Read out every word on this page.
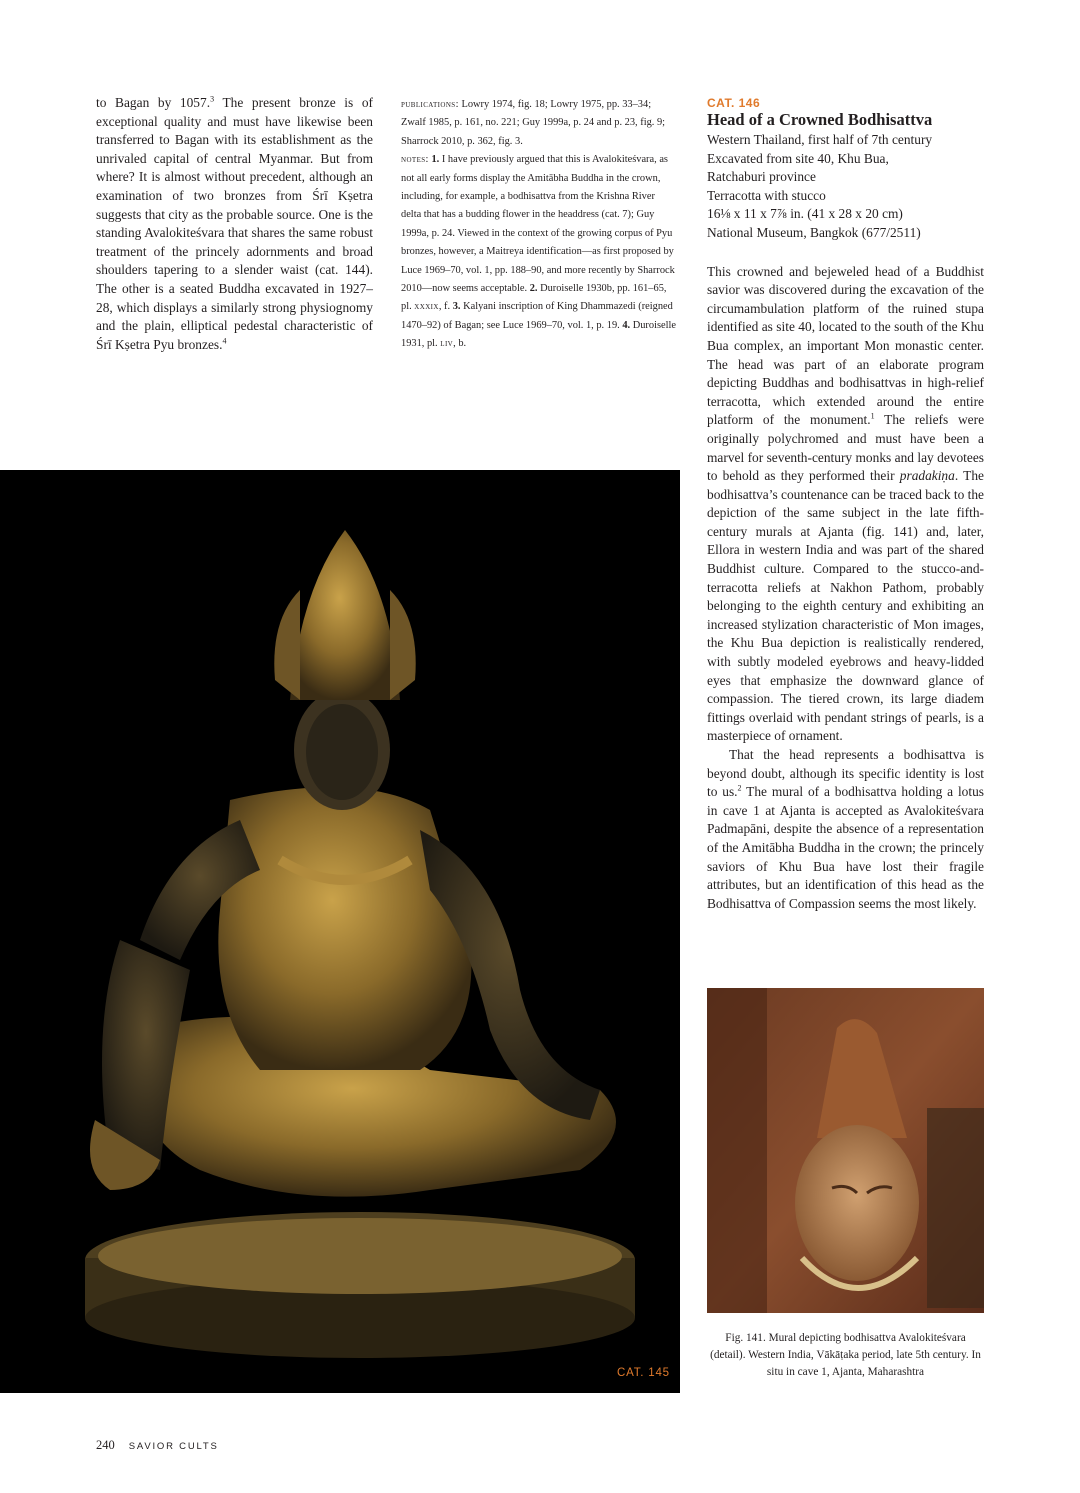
to Bagan by 1057.$^3$ The present bronze is of exceptional quality and must have likewise been transferred to Bagan with its establishment as the unrivaled capital of central Myanmar. But from where? It is almost without precedent, although an examination of two bronzes from Śrī Kṣetra suggests that city as the probable source. One is the standing Avalokiteśvara that shares the same robust treatment of the princely adornments and broad shoulders tapering to a slender waist (cat. 144). The other is a seated Buddha excavated in 1927–28, which displays a similarly strong physiognomy and the plain, elliptical pedestal characteristic of Śrī Kṣetra Pyu bronzes.$^4$
publications: Lowry 1974, fig. 18; Lowry 1975, pp. 33–34; Zwalf 1985, p. 161, no. 221; Guy 1999a, p. 24 and p. 23, fig. 9; Sharrock 2010, p. 362, fig. 3.
notes: 1. I have previously argued that this is Avalokiteśvara, as not all early forms display the Amitābha Buddha in the crown, including, for example, a bodhisattva from the Krishna River delta that has a budding flower in the headdress (cat. 7); Guy 1999a, p. 24. Viewed in the context of the growing corpus of Pyu bronzes, however, a Maitreya identification—as first proposed by Luce 1969–70, vol. 1, pp. 188–90, and more recently by Sharrock 2010—now seems acceptable. 2. Duroiselle 1930b, pp. 161–65, pl. xxxix, f. 3. Kalyani inscription of King Dhammazedi (reigned 1470–92) of Bagan; see Luce 1969–70, vol. 1, p. 19. 4. Duroiselle 1931, pl. liv, b.
CAT. 146
Head of a Crowned Bodhisattva
Western Thailand, first half of 7th century
Excavated from site 40, Khu Bua,
Ratchaburi province
Terracotta with stucco
16⅛ x 11 x 7⅞ in. (41 x 28 x 20 cm)
National Museum, Bangkok (677/2511)

This crowned and bejeweled head of a Buddhist savior was discovered during the excavation of the circumambulation platform of the ruined stupa identified as site 40, located to the south of the Khu Bua complex, an important Mon monastic center. The head was part of an elaborate program depicting Buddhas and bodhisattvas in high-relief terracotta, which extended around the entire platform of the monument.$^1$ The reliefs were originally polychromed and must have been a marvel for seventh-century monks and lay devotees to behold as they performed their pradakiṇa. The bodhisattva’s countenance can be traced back to the depiction of the same subject in the late fifth-century murals at Ajanta (fig. 141) and, later, Ellora in western India and was part of the shared Buddhist culture. Compared to the stucco-and-terracotta reliefs at Nakhon Pathom, probably belonging to the eighth century and exhibiting an increased stylization characteristic of Mon images, the Khu Bua depiction is realistically rendered, with subtly modeled eyebrows and heavy-lidded eyes that emphasize the downward glance of compassion. The tiered crown, its large diadem fittings overlaid with pendant strings of pearls, is a masterpiece of ornament.

That the head represents a bodhisattva is beyond doubt, although its specific identity is lost to us.$^2$ The mural of a bodhisattva holding a lotus in cave 1 at Ajanta is accepted as Avalokiteśvara Padmapāni, despite the absence of a representation of the Amitābha Buddha in the crown; the princely saviors of Khu Bua have lost their fragile attributes, but an identification of this head as the Bodhisattva of Compassion seems the most likely.

CAT. 145
Fig. 141. Mural depicting bodhisattva Avalokiteśvara (detail). Western India, Vākāṭaka period, late 5th century. In situ in cave 1, Ajanta, Maharashtra
240 SAVIOR CULTS
